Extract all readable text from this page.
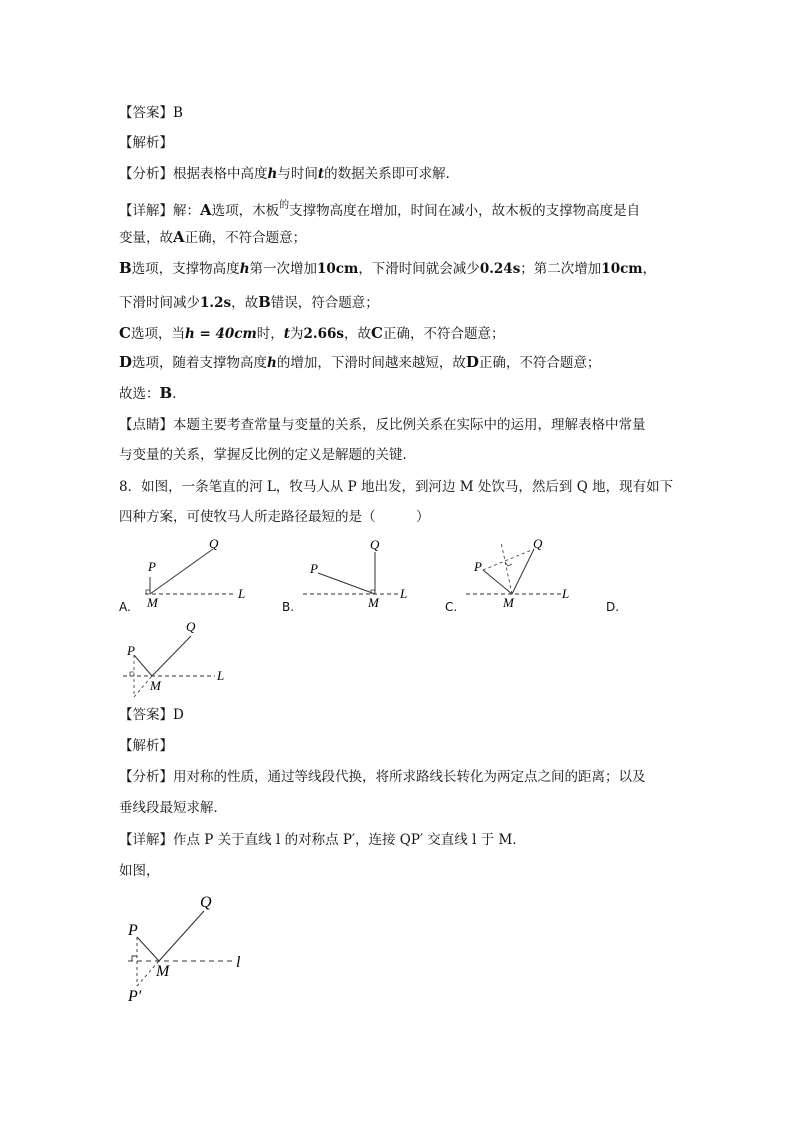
【答案】B
【解析】
【分析】根据表格中高度h与时间t的数据关系即可求解．
【详解】解：A选项，木板$^的$支撑物高度在增加，时间在减小，故木板的支撑物高度是自
变量，故A正确，不符合题意；
B选项，支撑物高度h第一次增加10cm，下滑时间就会减少0.24s；第二次增加10cm，
下滑时间减少1.2s，故B错误，符合题意；
C选项，当h = 40cm时，t为2.66s，故C正确，不符合题意；
D选项，随着支撑物高度h的增加，下滑时间越来越短，故D正确，不符合题意；
故选：B．
【点睛】本题主要考查常量与变量的关系，反比例关系在实际中的运用，理解表格中常量
与变量的关系，掌握反比例的定义是解题的关键．
8．如图，一条笔直的河 L，牧马人从 P 地出发，到河边 M 处饮马，然后到 Q 地，现有如下
四种方案，可使牧马人所走路径最短的是（　　　）
A.
P
Q
M
L
B.
P
Q
M
L
C.
P
Q
M
L
D.
P
Q
M
L
【答案】D
【解析】
【分析】用对称的性质，通过等线段代换，将所求路线长转化为两定点之间的距离；以及
垂线段最短求解．
【详解】作点 P 关于直线 l 的对称点 P′，连接 QP′ 交直线 l 于 M．
如图，
P
Q
M
l
P′
